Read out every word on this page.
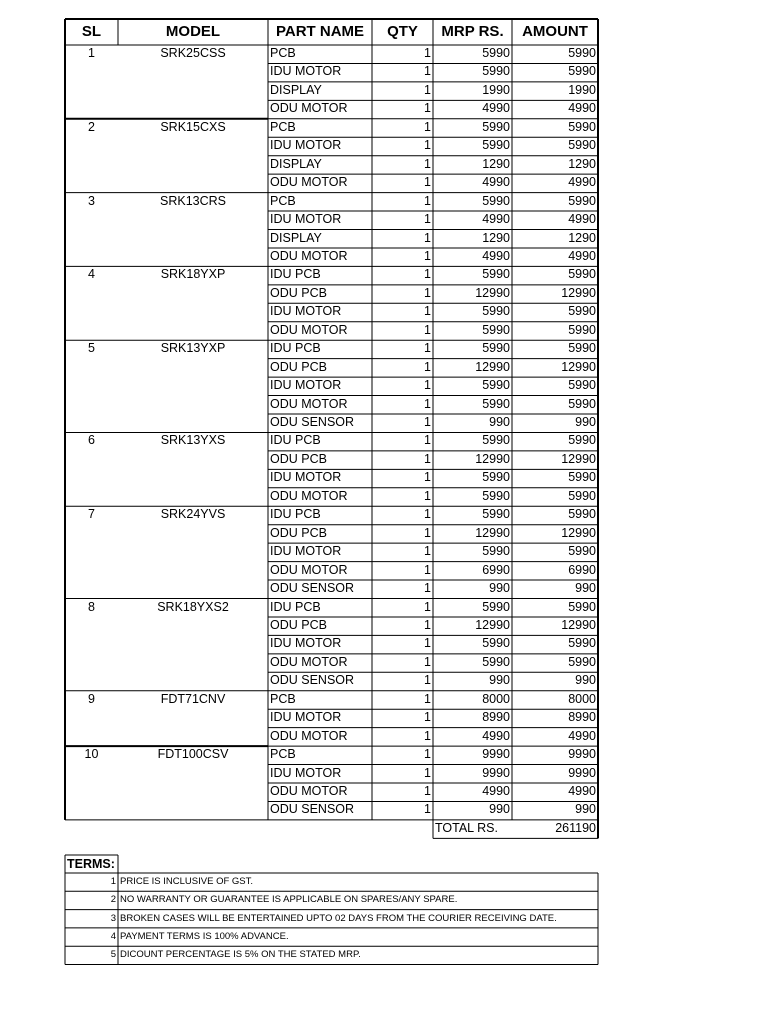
SL	MODEL	PART NAME	QTY	MRP RS.	AMOUNT
1	SRK25CSS	PCB	1	5990	5990
IDU MOTOR	1	5990	5990
DISPLAY	1	1990	1990
ODU MOTOR	1	4990	4990
2	SRK15CXS	PCB	1	5990	5990
IDU MOTOR	1	5990	5990
DISPLAY	1	1290	1290
ODU MOTOR	1	4990	4990
3	SRK13CRS	PCB	1	5990	5990
IDU MOTOR	1	4990	4990
DISPLAY	1	1290	1290
ODU MOTOR	1	4990	4990
4	SRK18YXP	IDU PCB	1	5990	5990
ODU PCB	1	12990	12990
IDU MOTOR	1	5990	5990
ODU MOTOR	1	5990	5990
5	SRK13YXP	IDU PCB	1	5990	5990
ODU PCB	1	12990	12990
IDU MOTOR	1	5990	5990
ODU MOTOR	1	5990	5990
ODU SENSOR	1	990	990
6	SRK13YXS	IDU PCB	1	5990	5990
ODU PCB	1	12990	12990
IDU MOTOR	1	5990	5990
ODU MOTOR	1	5990	5990
7	SRK24YVS	IDU PCB	1	5990	5990
ODU PCB	1	12990	12990
IDU MOTOR	1	5990	5990
ODU MOTOR	1	6990	6990
ODU SENSOR	1	990	990
8	SRK18YXS2	IDU PCB	1	5990	5990
ODU PCB	1	12990	12990
IDU MOTOR	1	5990	5990
ODU MOTOR	1	5990	5990
ODU SENSOR	1	990	990
9	FDT71CNV	PCB	1	8000	8000
IDU MOTOR	1	8990	8990
ODU MOTOR	1	4990	4990
10	FDT100CSV	PCB	1	9990	9990
IDU MOTOR	1	9990	9990
ODU MOTOR	1	4990	4990
ODU SENSOR	1	990	990
TOTAL RS.	261190
TERMS:
1 PRICE IS INCLUSIVE OF GST.
2 NO WARRANTY OR GUARANTEE IS APPLICABLE ON SPARES/ANY SPARE.
3 BROKEN CASES WILL BE ENTERTAINED UPTO 02 DAYS FROM THE COURIER RECEIVING DATE.
4 PAYMENT TERMS IS 100% ADVANCE.
5 DICOUNT PERCENTAGE IS 5% ON THE STATED MRP.
